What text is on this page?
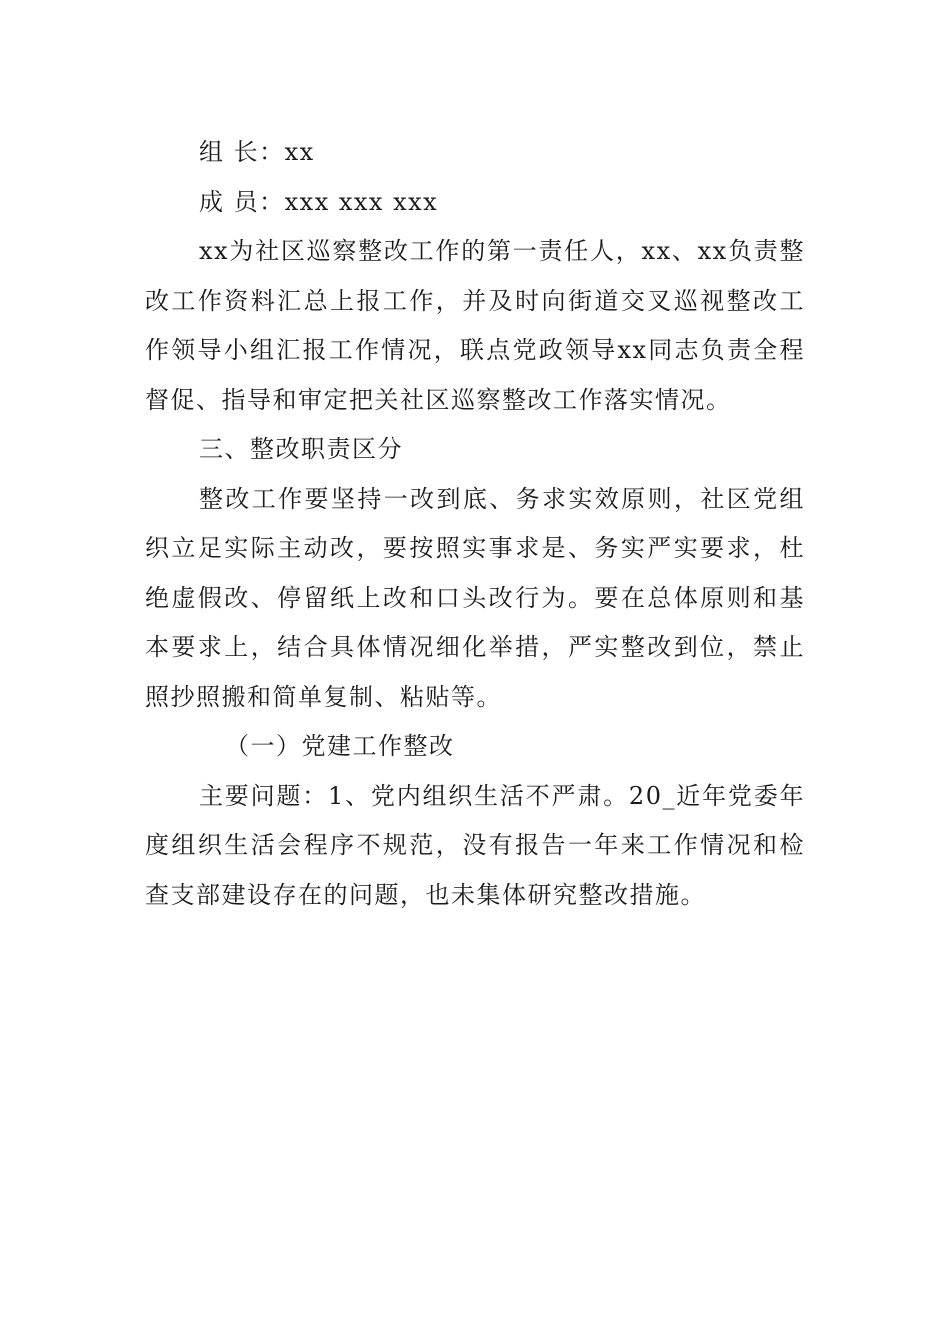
组 长：xx

成 员：xxx xxx xxx

xx为社区巡察整改工作的第一责任人，xx、xx负责整改工作资料汇总上报工作，并及时向街道交叉巡视整改工作领导小组汇报工作情况，联点党政领导xx同志负责全程督促、指导和审定把关社区巡察整改工作落实情况。

三、整改职责区分

整改工作要坚持一改到底、务求实效原则，社区党组织立足实际主动改，要按照实事求是、务实严实要求，杜绝虚假改、停留纸上改和口头改行为。要在总体原则和基本要求上，结合具体情况细化举措，严实整改到位，禁止照抄照搬和简单复制、粘贴等。

（一）党建工作整改

主要问题：1、党内组织生活不严肃。20_近年党委年度组织生活会程序不规范，没有报告一年来工作情况和检查支部建设存在的问题，也未集体研究整改措施。
